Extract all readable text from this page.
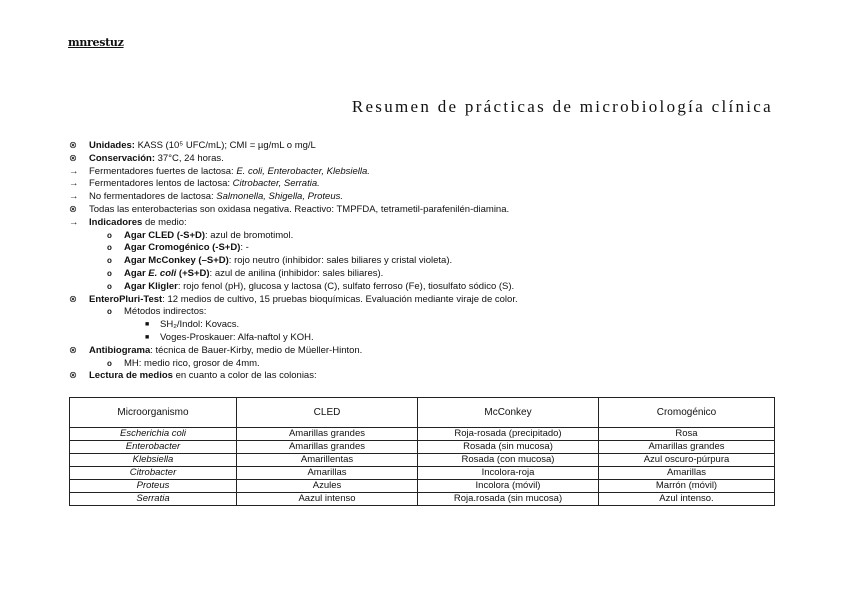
mnrestuz
Resumen de prácticas de microbiología clínica
⊗	Unidades: KASS (10⁵ UFC/mL); CMI = µg/mL o mg/L
⊗	Conservación: 37°C, 24 horas.
→	Fermentadores fuertes de lactosa: E. coli, Enterobacter, Klebsiella.
→	Fermentadores lentos de lactosa: Citrobacter, Serratia.
→	No fermentadores de lactosa: Salmonella, Shigella, Proteus.
⊗	Todas las enterobacterias son oxidasa negativa. Reactivo: TMPFDA, tetrametil-parafenilén-diamina.
→	Indicadores de medio:
o	Agar CLED (-S+D): azul de bromotimol.
o	Agar Cromogénico (-S+D): -
o	Agar McConkey (–S+D): rojo neutro (inhibidor: sales biliares y cristal violeta).
o	Agar E. coli (+S+D): azul de anilina (inhibidor: sales biliares).
o	Agar Kligler: rojo fenol (pH), glucosa y lactosa (C), sulfato ferroso (Fe), tiosulfato sódico (S).
⊗	EnteroPluri-Test: 12 medios de cultivo, 15 pruebas bioquímicas. Evaluación mediante viraje de color.
o	Métodos indirectos:
■	SH₂/Indol: Kovacs.
■	Voges-Proskauer: Alfa-naftol y KOH.
⊗	Antibiograma: técnica de Bauer-Kirby, medio de Müeller-Hinton.
o	MH: medio rico, grosor de 4mm.
⊗	Lectura de medios en cuanto a color de las colonias:
Microorganismo	CLED	McConkey	Cromogénico
Escherichia coli	Amarillas grandes	Roja-rosada (precipitado)	Rosa
Enterobacter	Amarillas grandes	Rosada (sin mucosa)	Amarillas grandes
Klebsiella	Amarillentas	Rosada (con mucosa)	Azul oscuro-púrpura
Citrobacter	Amarillas	Incolora-roja	Amarillas
Proteus	Azules	Incolora (móvil)	Marrón (móvil)
Serratia	Aazul intenso	Roja.rosada (sin mucosa)	Azul intenso.
